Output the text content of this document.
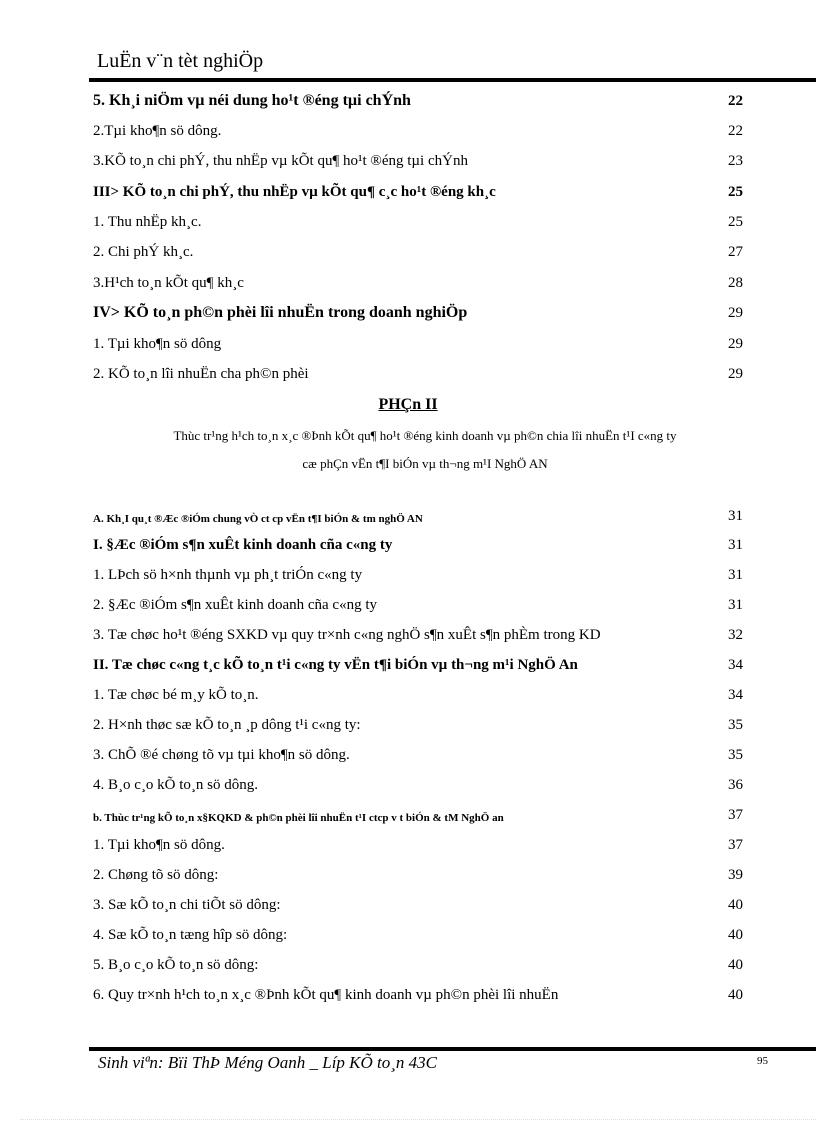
LuËn v¨n tèt nghiÖp
5. Kh¸i niÖm vµ néi dung ho¹t ®éng tµi chÝnh	22
2.Tµi kho¶n sö dông.	22
3.KÕ to¸n chi phÝ, thu nhËp vµ kÕt qu¶ ho¹t ®éng tµi chÝnh	23
III> KÕ to¸n chi phÝ, thu nhËp vµ kÕt qu¶ c¸c ho¹t ®éng kh¸c	25
1. Thu nhËp kh¸c.	25
2. Chi phÝ kh¸c.	27
3.H¹ch to¸n kÕt qu¶ kh¸c	28
IV> KÕ to¸n ph©n phèi lîi nhuËn trong doanh nghiÖp	29
1. Tµi kho¶n sö dông	29
2. KÕ to¸n lîi nhuËn cha ph©n phèi	29
PHÇn II
Thùc tr¹ng h¹ch to¸n x¸c ®Þnh kÕt qu¶ ho¹t ®éng kinh doanh vµ ph©n chia lîi nhuËn t¹I c«ng ty
cæ phÇn vËn t¶I biÓn vµ th¬ng m¹I NghÖ AN
A. Kh¸I qu¸t ®Æc ®iÓm chung vÒ ct cp vËn t¶I biÓn & tm nghÖ AN	31
I. §Æc ®iÓm s¶n xuÊt kinh doanh cña c«ng ty	31
1. LÞch sö h×nh thµnh vµ ph¸t triÓn c«ng ty	31
2. §Æc ®iÓm s¶n xuÊt kinh doanh cña c«ng ty	31
3. Tæ chøc ho¹t ®éng SXKD vµ quy tr×nh c«ng nghÖ s¶n xuÊt s¶n phÈm trong KD	32
II. Tæ chøc c«ng t¸c kÕ to¸n t¹i c«ng ty vËn t¶i biÓn vµ th¬ng m¹i NghÖ An	34
1. Tæ chøc bé m¸y kÕ to¸n.	34
2. H×nh thøc sæ kÕ to¸n ¸p dông t¹i c«ng ty:	35
3. ChÕ ®é chøng tõ vµ tµi kho¶n sö dông.	35
4. B¸o c¸o kÕ to¸n sö dông.	36
b. Thùc tr¹ng kÕ to¸n x§KQKD & ph©n phèi lîi nhuËn t¹I ctcp v t biÓn & tM NghÖ an	37
1. Tµi kho¶n sö dông.	37
2. Chøng tõ sö dông:	39
3. Sæ kÕ to¸n chi tiÕt sö dông:	40
4. Sæ kÕ to¸n tæng hîp sö dông:	40
5. B¸o c¸o kÕ to¸n sö dông:	40
6. Quy tr×nh h¹ch to¸n x¸c ®Þnh kÕt qu¶ kinh doanh vµ ph©n phèi lîi nhuËn	40
Sinh viªn: Bïi ThÞ Méng Oanh _ Líp KÕ to¸n 43C	95
